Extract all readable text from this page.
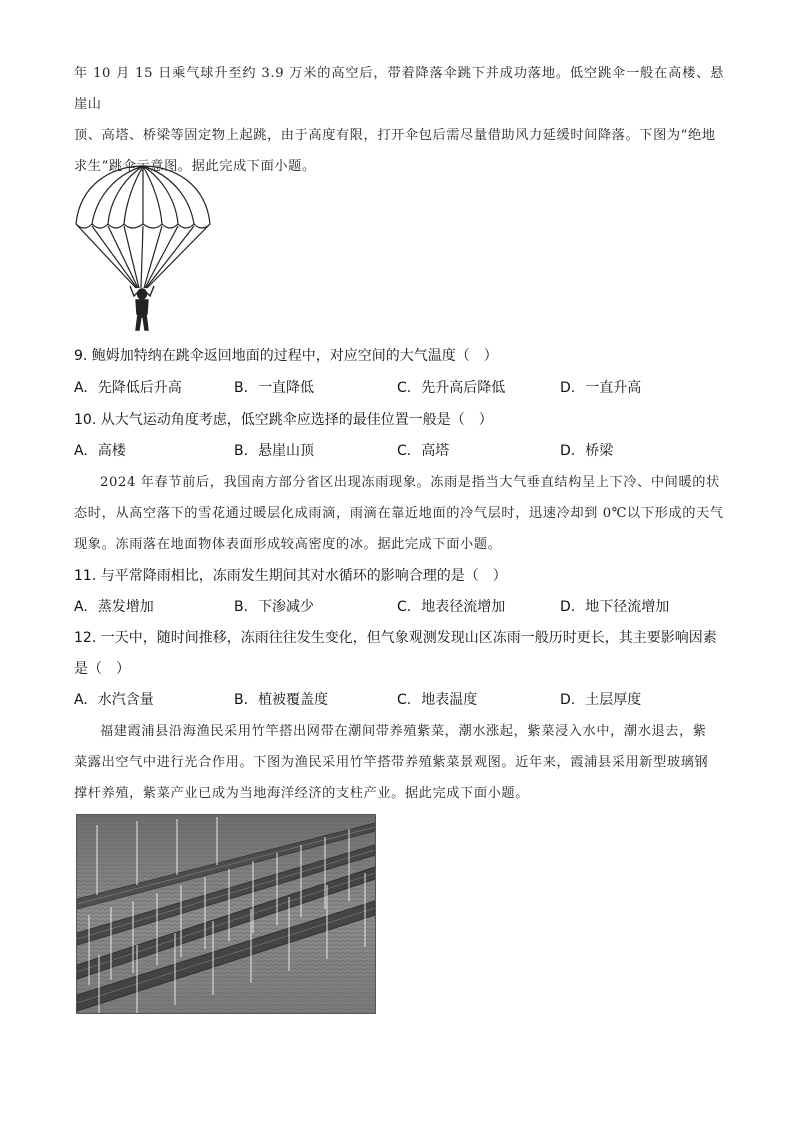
年 10 月 15 日乘气球升至约 3.9 万米的高空后，带着降落伞跳下并成功落地。低空跳伞一般在高楼、悬崖山
顶、高塔、桥梁等固定物上起跳，由于高度有限，打开伞包后需尽量借助风力延缓时间降落。下图为“绝地
求生”跳伞示意图。据此完成下面小题。

9. 鲍姆加特纳在跳伞返回地面的过程中，对应空间的大气温度（　）

A. 先降低后升高	B. 一直降低	C. 先升高后降低	D. 一直升高

10. 从大气运动角度考虑，低空跳伞应选择的最佳位置一般是（　）

A. 高楼	B. 悬崖山顶	C. 高塔	D. 桥梁
2024 年春节前后，我国南方部分省区出现冻雨现象。冻雨是指当大气垂直结构呈上下冷、中间暖的状
态时，从高空落下的雪花通过暖层化成雨滴，雨滴在靠近地面的冷气层时，迅速冷却到 0℃以下形成的天气
现象。冻雨落在地面物体表面形成较高密度的冰。据此完成下面小题。

11. 与平常降雨相比，冻雨发生期间其对水循环的影响合理的是（　）

A. 蒸发增加	B. 下渗减少	C. 地表径流增加	D. 地下径流增加

12. 一天中，随时间推移，冻雨往往发生变化，但气象观测发现山区冻雨一般历时更长，其主要影响因素
是（　）

A. 水汽含量	B. 植被覆盖度	C. 地表温度	D. 土层厚度
福建霞浦县沿海渔民采用竹竿搭出网带在潮间带养殖紫菜，潮水涨起，紫菜浸入水中，潮水退去，紫
菜露出空气中进行光合作用。下图为渔民采用竹竿搭带养殖紫菜景观图。近年来，霞浦县采用新型玻璃钢
撑杆养殖，紫菜产业已成为当地海洋经济的支柱产业。据此完成下面小题。
